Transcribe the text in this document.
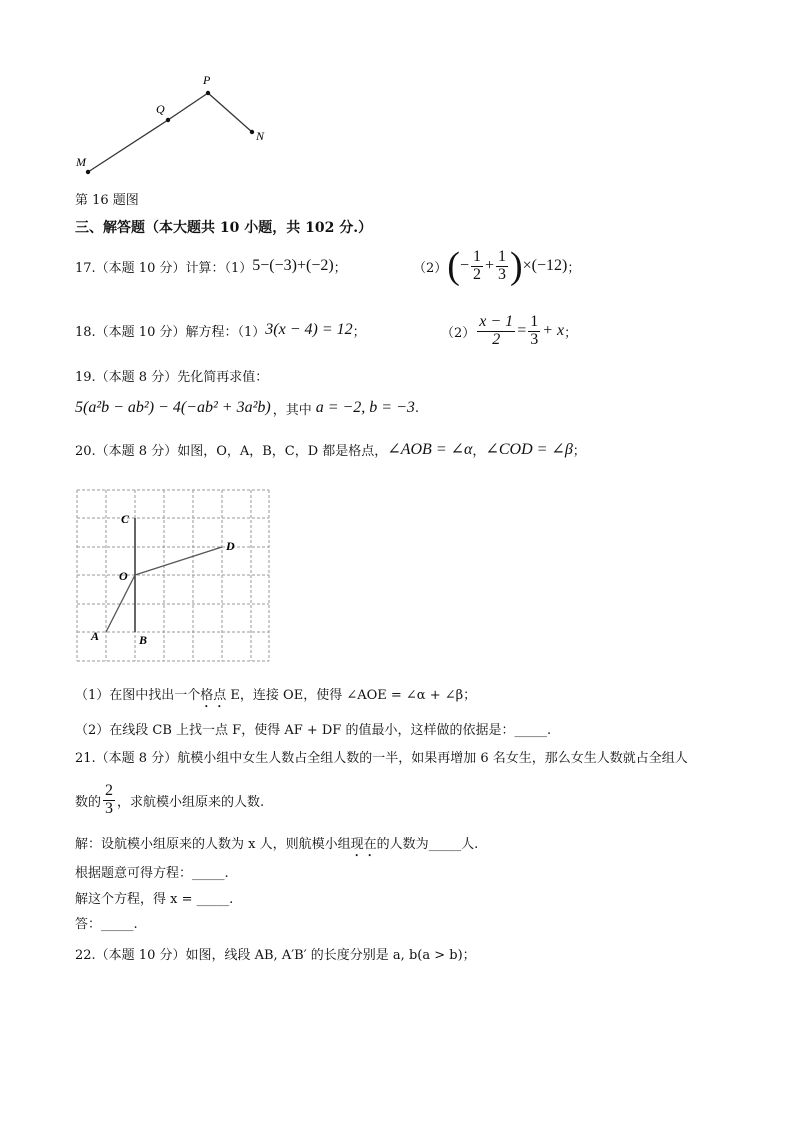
P
Q
M
N
第 16 题图
三、解答题（本大题共 10 小题，共 102 分.）
17.（本题 10 分）计算：（1） 5−(−3)+(−2) ；	（2） ( − $\frac{1}{2} + \frac{1}{3}$ ) ×(−12) ；
18.（本题 10 分）解方程：（1） 3(x − 4) = 12 ；	$(2) \frac{x - 1}{2} = \frac{1}{3} + x$ ；
19.（本题 8 分）先化简再求值：
5(a²b − ab²) − 4(−ab² + 3a²b) ，其中 a = −2, b = −3 .
20.（本题 8 分）如图，O，A，B，C，D 都是格点， ∠AOB = ∠α ， ∠COD = ∠β ；
C
D
O
A	B
（1）在图中找出一个格点 E，连接 OE，使得 ∠AOE = ∠α + ∠β；
（2）在线段 CB 上找一点 F，使得 AF + DF 的值最小，这样做的依据是：_____.
21.（本题 8 分）航模小组中女生人数占全组人数的一半，如果再增加 6 名女生，那么女生人数就占全组人
数的 $\frac{2}{3}$ ，求航模小组原来的人数.
解：设航模小组原来的人数为 x 人，则航模小组现在的人数为_____人.
根据题意可得方程：_____.
解这个方程，得 x = _____.
答：_____.
22.（本题 10 分）如图，线段 AB, A′B′ 的长度分别是 a, b(a > b)；
